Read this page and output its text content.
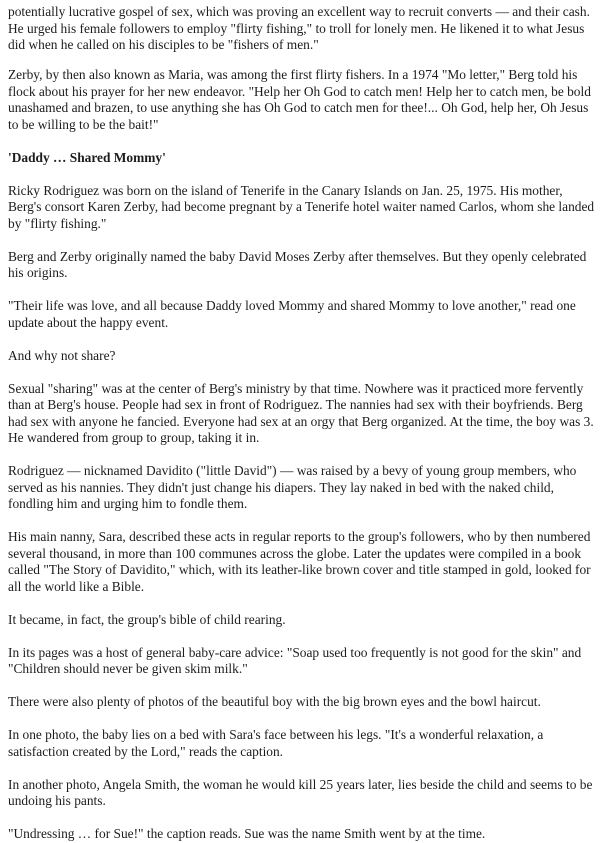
potentially lucrative gospel of sex, which was proving an excellent way to recruit converts — and their cash. He urged his female followers to employ "flirty fishing," to troll for lonely men. He likened it to what Jesus did when he called on his disciples to be "fishers of men."

Zerby, by then also known as Maria, was among the first flirty fishers. In a 1974 "Mo letter," Berg told his flock about his prayer for her new endeavor. "Help her Oh God to catch men! Help her to catch men, be bold unashamed and brazen, to use anything she has Oh God to catch men for thee!... Oh God, help her, Oh Jesus to be willing to be the bait!"

'Daddy … Shared Mommy'

Ricky Rodriguez was born on the island of Tenerife in the Canary Islands on Jan. 25, 1975. His mother, Berg's consort Karen Zerby, had become pregnant by a Tenerife hotel waiter named Carlos, whom she landed by "flirty fishing."

Berg and Zerby originally named the baby David Moses Zerby after themselves. But they openly celebrated his origins.

"Their life was love, and all because Daddy loved Mommy and shared Mommy to love another," read one update about the happy event.

And why not share?

Sexual "sharing" was at the center of Berg's ministry by that time. Nowhere was it practiced more fervently than at Berg's house. People had sex in front of Rodriguez. The nannies had sex with their boyfriends. Berg had sex with anyone he fancied. Everyone had sex at an orgy that Berg organized. At the time, the boy was 3. He wandered from group to group, taking it in.

Rodriguez — nicknamed Davidito ("little David") — was raised by a bevy of young group members, who served as his nannies. They didn't just change his diapers. They lay naked in bed with the naked child, fondling him and urging him to fondle them.

His main nanny, Sara, described these acts in regular reports to the group's followers, who by then numbered several thousand, in more than 100 communes across the globe. Later the updates were compiled in a book called "The Story of Davidito," which, with its leather-like brown cover and title stamped in gold, looked for all the world like a Bible.

It became, in fact, the group's bible of child rearing.

In its pages was a host of general baby-care advice: "Soap used too frequently is not good for the skin" and "Children should never be given skim milk."

There were also plenty of photos of the beautiful boy with the big brown eyes and the bowl haircut.

In one photo, the baby lies on a bed with Sara's face between his legs. "It's a wonderful relaxation, a satisfaction created by the Lord," reads the caption.

In another photo, Angela Smith, the woman he would kill 25 years later, lies beside the child and seems to be undoing his pants.

"Undressing … for Sue!" the caption reads. Sue was the name Smith went by at the time.
